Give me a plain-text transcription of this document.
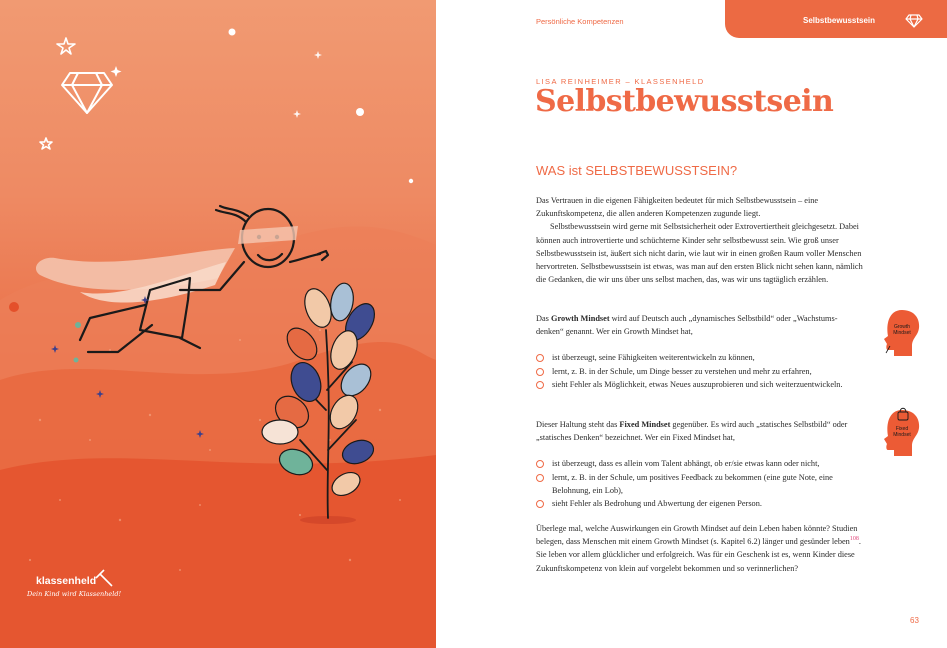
klassenheld
Dein Kind wird Klassenheld!
Persönliche Kompetenzen	Selbstbewusstsein
LISA REINHEIMER – KLASSENHELD
Selbstbewusstsein
WAS ist SELBSTBEWUSSTSEIN?

Das Vertrauen in die eigenen Fähigkeiten bedeutet für mich Selbstbewusstsein – eine Zukunftskompetenz, die allen anderen Kompetenzen zugunde liegt.

Selbstbewusstsein wird gerne mit Selbstsicherheit oder Extrovertiertheit gleichgesetzt. Dabei können auch introvertierte und schüchterne Kinder sehr selbstbewusst sein. Wie groß unser Selbstbewusstsein ist, äußert sich nicht darin, wie laut wir in einen großen Raum voller Menschen hervortreten. Selbstbewusstsein ist etwas, was man auf den ersten Blick nicht sehen kann, nämlich die Gedanken, die wir uns über uns selbst machen, das, was wir uns tagtäglich erzählen.

Das Growth Mindset wird auf Deutsch auch „dynamisches Selbstbild“ oder „Wachstumsdenken“ genannt. Wer ein Growth Mindset hat,

ist überzeugt, seine Fähigkeiten weiterentwickeln zu können,
lernt, z. B. in der Schule, um Dinge besser zu verstehen und mehr zu erfahren,
sieht Fehler als Möglichkeit, etwas Neues auszuprobieren und sich weiterzuentwickeln.

Dieser Haltung steht das Fixed Mindset gegenüber. Es wird auch „statisches Selbstbild“ oder „statisches Denken“ bezeichnet. Wer ein Fixed Mindset hat,

ist überzeugt, dass es allein vom Talent abhängt, ob er/sie etwas kann oder nicht,
lernt, z. B. in der Schule, um positives Feedback zu bekommen (eine gute Note, eine Belohnung, ein Lob),
sieht Fehler als Bedrohung und Abwertung der eigenen Person.

Überlege mal, welche Auswirkungen ein Growth Mindset auf dein Leben haben könnte? Studien belegen, dass Menschen mit einem Growth Mindset (s. Kapitel 6.2) länger und gesünder leben$^{108}$. Sie leben vor allem glücklicher und erfolgreich. Was für ein Geschenk ist es, wenn Kinder diese Zukunftskompetenz von klein auf vorgelebt bekommen und so verinnerlichen?

Growth Mindset
Fixed Mindset
63
